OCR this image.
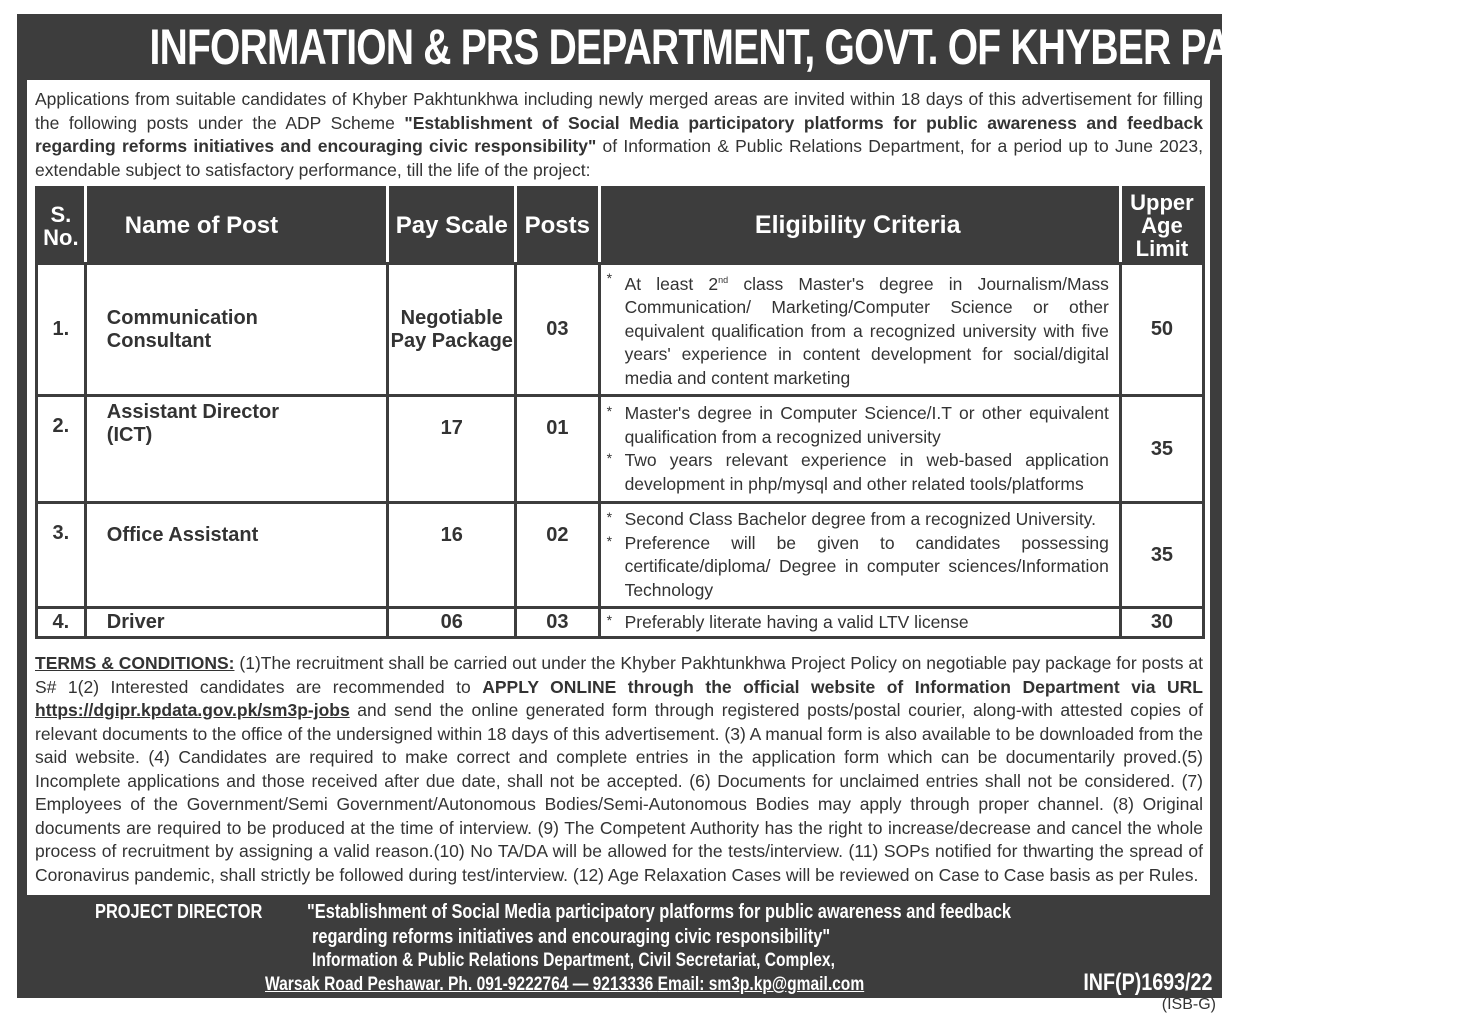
INFORMATION & PRS DEPARTMENT, GOVT. OF KHYBER PAKHTUNKHWA
Applications from suitable candidates of Khyber Pakhtunkhwa including newly merged areas are invited within 18 days of this advertisement for filling the following posts under the ADP Scheme "Establishment of Social Media participatory platforms for public awareness and feedback regarding reforms initiatives and encouraging civic responsibility" of Information & Public Relations Department, for a period up to June 2023, extendable subject to satisfactory performance, till the life of the project:
S. No.	Name of Post	Pay Scale	Posts	Eligibility Criteria	Upper Age Limit
1.	Communication Consultant	Negotiable Pay Package	03	* At least 2nd class Master's degree in Journalism/Mass Communication/ Marketing/Computer Science or other equivalent qualification from a recognized university with five years' experience in content development for social/digital media and content marketing	50
2.	Assistant Director (ICT)	17	01	* Master's degree in Computer Science/I.T or other equivalent qualification from a recognized university
* Two years relevant experience in web-based application development in php/mysql and other related tools/platforms	35
3.	Office Assistant	16	02	* Second Class Bachelor degree from a recognized University.
* Preference will be given to candidates possessing certificate/diploma/ Degree in computer sciences/Information Technology	35
4.	Driver	06	03	* Preferably literate having a valid LTV license	30
TERMS & CONDITIONS: (1)The recruitment shall be carried out under the Khyber Pakhtunkhwa Project Policy on negotiable pay package for posts at S# 1(2) Interested candidates are recommended to APPLY ONLINE through the official website of Information Department via URL https://dgipr.kpdata.gov.pk/sm3p-jobs and send the online generated form through registered posts/postal courier, along-with attested copies of relevant documents to the office of the undersigned within 18 days of this advertisement. (3) A manual form is also available to be downloaded from the said website. (4) Candidates are required to make correct and complete entries in the application form which can be documentarily proved.(5) Incomplete applications and those received after due date, shall not be accepted. (6) Documents for unclaimed entries shall not be considered. (7) Employees of the Government/Semi Government/Autonomous Bodies/Semi-Autonomous Bodies may apply through proper channel. (8) Original documents are required to be produced at the time of interview. (9) The Competent Authority has the right to increase/decrease and cancel the whole process of recruitment by assigning a valid reason.(10) No TA/DA will be allowed for the tests/interview. (11) SOPs notified for thwarting the spread of Coronavirus pandemic, shall strictly be followed during test/interview. (12) Age Relaxation Cases will be reviewed on Case to Case basis as per Rules.
PROJECT DIRECTOR "Establishment of Social Media participatory platforms for public awareness and feedback
regarding reforms initiatives and encouraging civic responsibility"
Information & Public Relations Department, Civil Secretariat, Complex,
Warsak Road Peshawar. Ph. 091-9222764 — 9213336 Email: sm3p.kp@gmail.com	INF(P)1693/22
(ISB-G)
